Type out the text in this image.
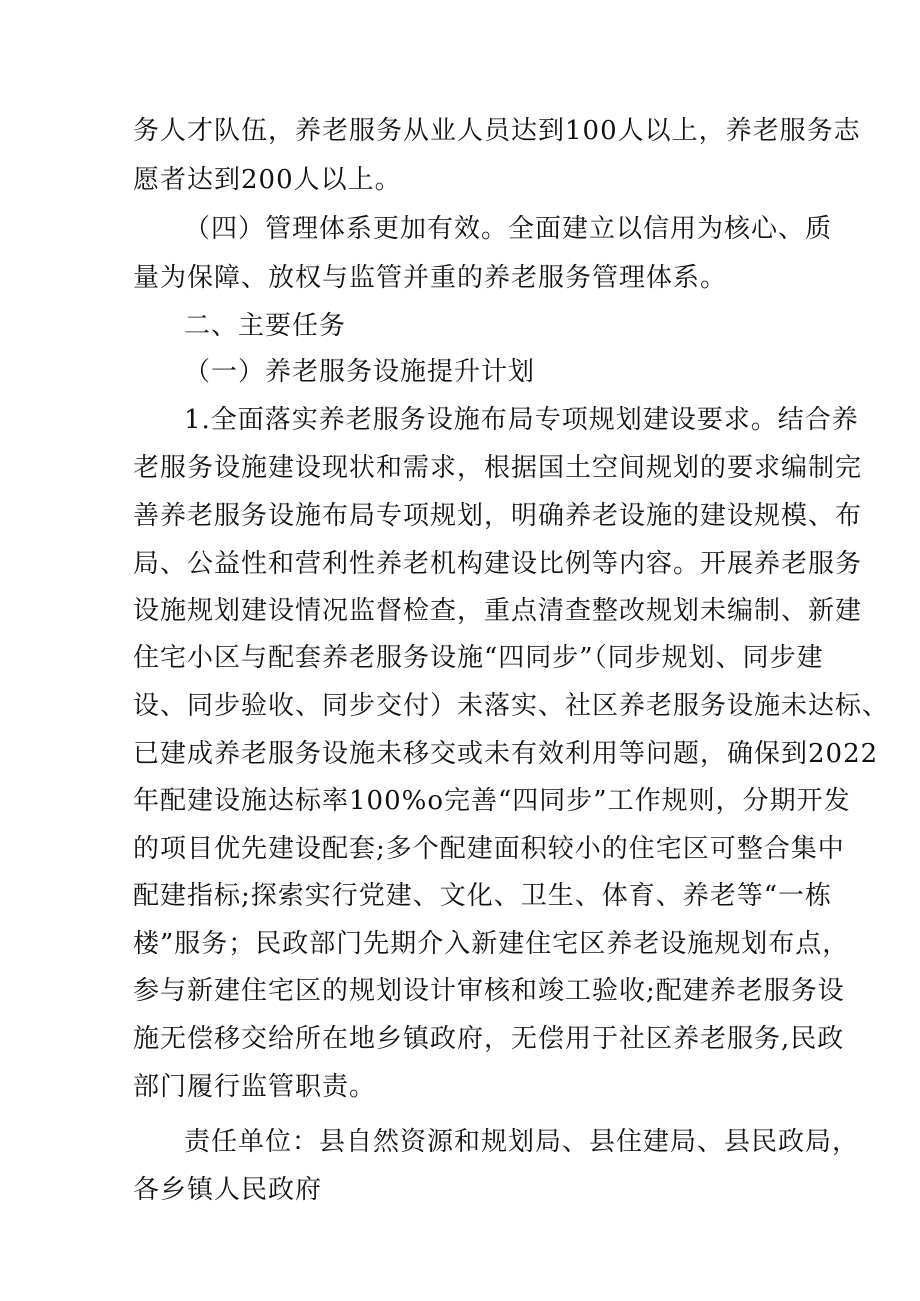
务人才队伍，养老服务从业人员达到100人以上，养老服务志
愿者达到200人以上。
（四）管理体系更加有效。全面建立以信用为核心、质
量为保障、放权与监管并重的养老服务管理体系。
二、主要任务
（一）养老服务设施提升计划
1.全面落实养老服务设施布局专项规划建设要求。结合养
老服务设施建设现状和需求，根据国土空间规划的要求编制完
善养老服务设施布局专项规划，明确养老设施的建设规模、布
局、公益性和营利性养老机构建设比例等内容。开展养老服务
设施规划建设情况监督检查，重点清查整改规划未编制、新建
住宅小区与配套养老服务设施“四同步”（同步规划、同步建
设、同步验收、同步交付）未落实、社区养老服务设施未达标、
已建成养老服务设施未移交或未有效利用等问题，确保到2022
年配建设施达标率100%o完善“四同步”工作规则，分期开发
的项目优先建设配套;多个配建面积较小的住宅区可整合集中
配建指标;探索实行党建、文化、卫生、体育、养老等“一栋
楼”服务；民政部门先期介入新建住宅区养老设施规划布点，
参与新建住宅区的规划设计审核和竣工验收;配建养老服务设
施无偿移交给所在地乡镇政府，无偿用于社区养老服务,民政
部门履行监管职责。
责任单位：县自然资源和规划局、县住建局、县民政局，
各乡镇人民政府
